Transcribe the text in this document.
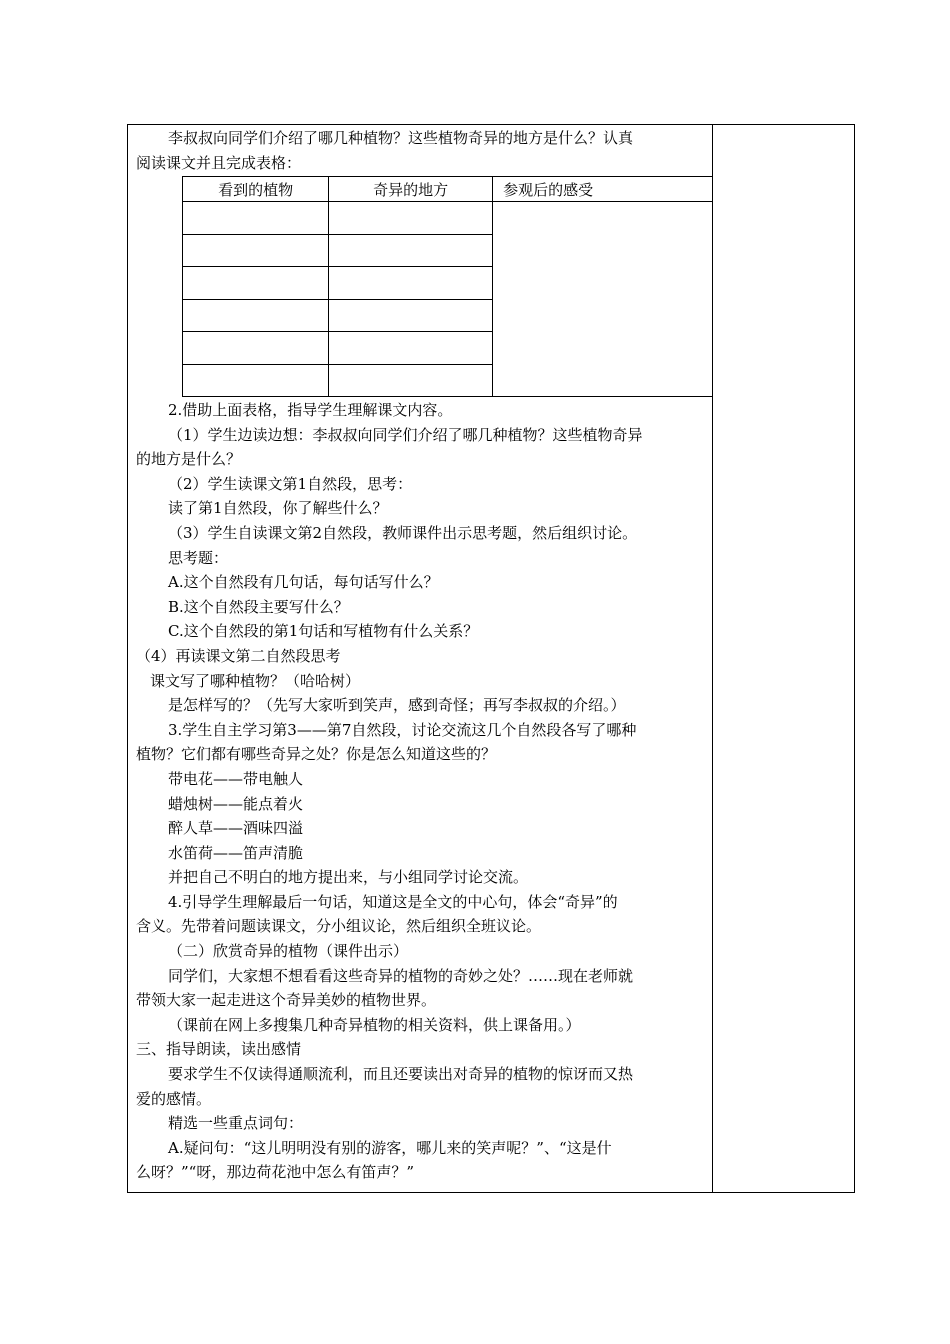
李叔叔向同学们介绍了哪几种植物？这些植物奇异的地方是什么？认真

阅读课文并且完成表格：

看到的植物	奇异的地方	参观后的感受

2.借助上面表格，指导学生理解课文内容。

（1）学生边读边想：李叔叔向同学们介绍了哪几种植物？这些植物奇异

的地方是什么？

（2）学生读课文第1自然段，思考：

读了第1自然段，你了解些什么？

（3）学生自读课文第2自然段，教师课件出示思考题，然后组织讨论。

思考题：

A.这个自然段有几句话，每句话写什么？

B.这个自然段主要写什么？

C.这个自然段的第1句话和写植物有什么关系？

（4）再读课文第二自然段思考

课文写了哪种植物？（哈哈树）

是怎样写的？（先写大家听到笑声，感到奇怪；再写李叔叔的介绍。）

3.学生自主学习第3——第7自然段，讨论交流这几个自然段各写了哪种

植物？它们都有哪些奇异之处？你是怎么知道这些的？

带电花——带电触人

蜡烛树——能点着火

醉人草——酒味四溢

水笛荷——笛声清脆

并把自己不明白的地方提出来，与小组同学讨论交流。

4.引导学生理解最后一句话，知道这是全文的中心句，体会“奇异”的

含义。先带着问题读课文，分小组议论，然后组织全班议论。

（二）欣赏奇异的植物（课件出示）

同学们，大家想不想看看这些奇异的植物的奇妙之处？……现在老师就

带领大家一起走进这个奇异美妙的植物世界。

（课前在网上多搜集几种奇异植物的相关资料，供上课备用。）

三、指导朗读，读出感情

要求学生不仅读得通顺流利，而且还要读出对奇异的植物的惊讶而又热

爱的感情。

精选一些重点词句：

A.疑问句：“这儿明明没有别的游客，哪儿来的笑声呢？”、“这是什

么呀？”“呀，那边荷花池中怎么有笛声？”
